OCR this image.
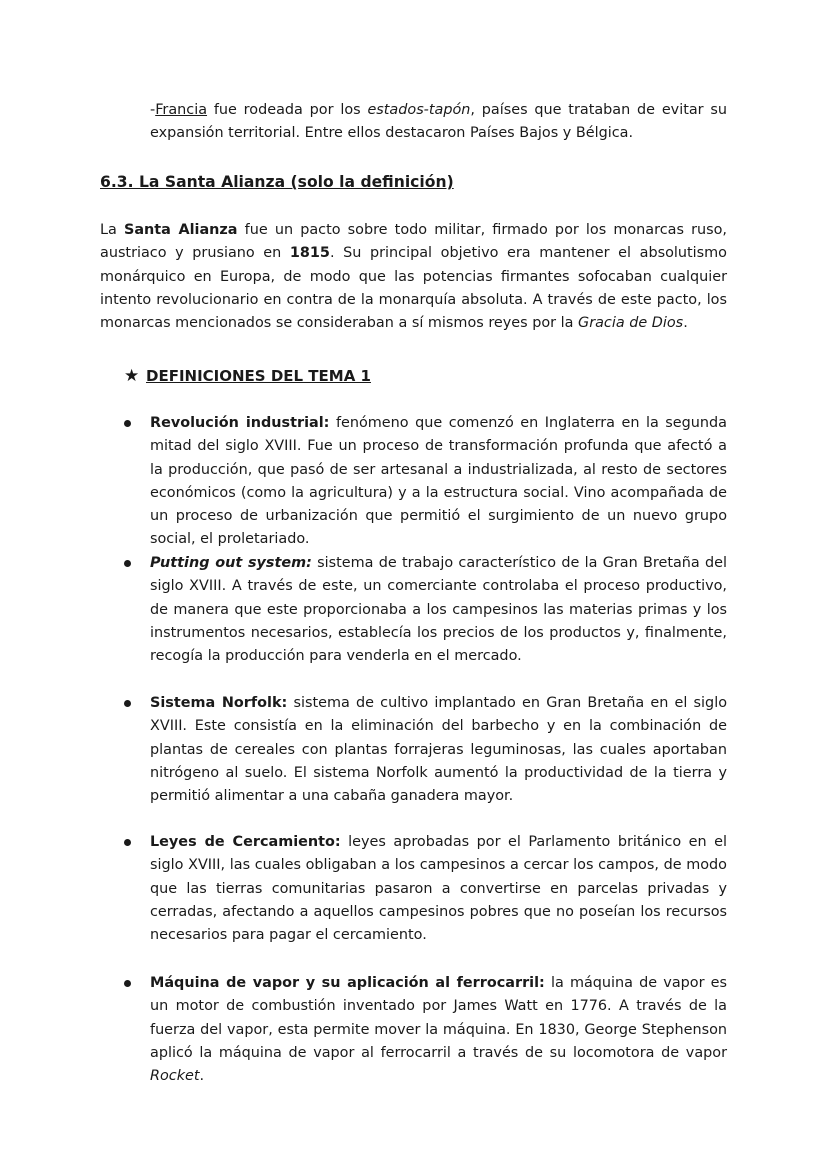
-Francia fue rodeada por los estados-tapón, países que trataban de evitar su expansión territorial. Entre ellos destacaron Países Bajos y Bélgica.

6.3. La Santa Alianza (solo la definición)

La Santa Alianza fue un pacto sobre todo militar, firmado por los monarcas ruso, austriaco y prusiano en 1815. Su principal objetivo era mantener el absolutismo monárquico en Europa, de modo que las potencias firmantes sofocaban cualquier intento revolucionario en contra de la monarquía absoluta. A través de este pacto, los monarcas mencionados se consideraban a sí mismos reyes por la Gracia de Dios.

★ DEFINICIONES DEL TEMA 1

Revolución industrial: fenómeno que comenzó en Inglaterra en la segunda mitad del siglo XVIII. Fue un proceso de transformación profunda que afectó a la producción, que pasó de ser artesanal a industrializada, al resto de sectores económicos (como la agricultura) y a la estructura social. Vino acompañada de un proceso de urbanización que permitió el surgimiento de un nuevo grupo social, el proletariado.

Putting out system: sistema de trabajo característico de la Gran Bretaña del siglo XVIII. A través de este, un comerciante controlaba el proceso productivo, de manera que este proporcionaba a los campesinos las materias primas y los instrumentos necesarios, establecía los precios de los productos y, finalmente, recogía la producción para venderla en el mercado.

Sistema Norfolk: sistema de cultivo implantado en Gran Bretaña en el siglo XVIII. Este consistía en la eliminación del barbecho y en la combinación de plantas de cereales con plantas forrajeras leguminosas, las cuales aportaban nitrógeno al suelo. El sistema Norfolk aumentó la productividad de la tierra y permitió alimentar a una cabaña ganadera mayor.

Leyes de Cercamiento: leyes aprobadas por el Parlamento británico en el siglo XVIII, las cuales obligaban a los campesinos a cercar los campos, de modo que las tierras comunitarias pasaron a convertirse en parcelas privadas y cerradas, afectando a aquellos campesinos pobres que no poseían los recursos necesarios para pagar el cercamiento.

Máquina de vapor y su aplicación al ferrocarril: la máquina de vapor es un motor de combustión inventado por James Watt en 1776. A través de la fuerza del vapor, esta permite mover la máquina. En 1830, George Stephenson aplicó la máquina de vapor al ferrocarril a través de su locomotora de vapor Rocket.
